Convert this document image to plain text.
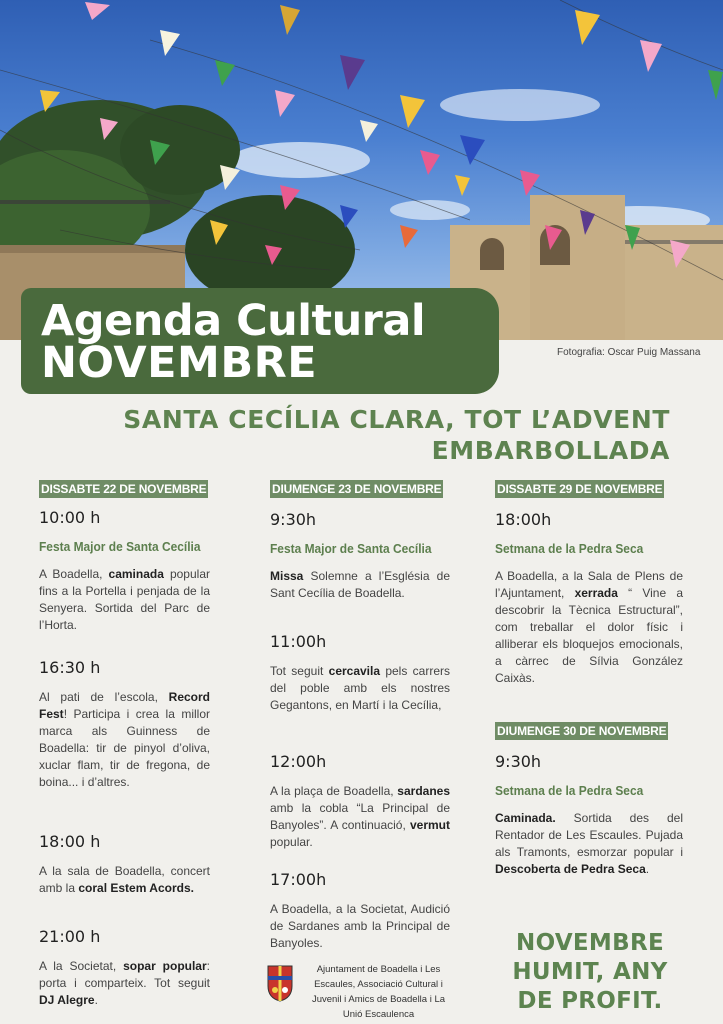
Agenda Cultural
NOVEMBRE	Fotografia: Oscar Puig Massana
SANTA CECÍLIA CLARA, TOT L’ADVENT
EMBARBOLLADA
DISSABTE 22 DE NOVEMBRE
10:00 h
Festa Major de Santa Cecília
A Boadella, caminada popular fins a la Portella i penjada de la Senyera. Sortida del Parc de l’Horta.
16:30 h
Al pati de l’escola, Record Fest! Participa i crea la millor marca als Guinness de Boadella: tir de pinyol d’oliva, xuclar flam, tir de fregona, de boina... i d’altres.
18:00 h
A la sala de Boadella, concert amb la coral Estem Acords.
21:00 h
A la Societat, sopar popular: porta i comparteix. Tot seguit DJ Alegre.
DIUMENGE 23 DE NOVEMBRE
9:30h
Festa Major de Santa Cecília
Missa Solemne a l’Església de Sant Cecília de Boadella.
11:00h
Tot seguit cercavila pels carrers del poble amb els nostres Gegantons, en Martí i la Cecília,
12:00h
A la plaça de Boadella, sardanes amb la cobla “La Principal de Banyoles”. A continuació, vermut popular.
17:00h
A Boadella, a la Societat, Audició de Sardanes amb la Principal de Banyoles.
DISSABTE 29 DE NOVEMBRE
18:00h
Setmana de la Pedra Seca
A Boadella, a la Sala de Plens de l’Ajuntament, xerrada “ Vine a descobrir la Tècnica Estructural”, com treballar el dolor físic i alliberar els bloquejos emocionals, a càrrec de Sílvia González Caixàs.
DIUMENGE 30 DE NOVEMBRE
9:30h
Setmana de la Pedra Seca
Caminada. Sortida des del Rentador de Les Escaules. Pujada als Tramonts, esmorzar popular i Descoberta de Pedra Seca.
Ajuntament de Boadella i Les Escaules, Associació Cultural i Juvenil i Amics de Boadella i La Unió Escaulenca
NOVEMBRE
HUMIT, ANY
DE PROFIT.
